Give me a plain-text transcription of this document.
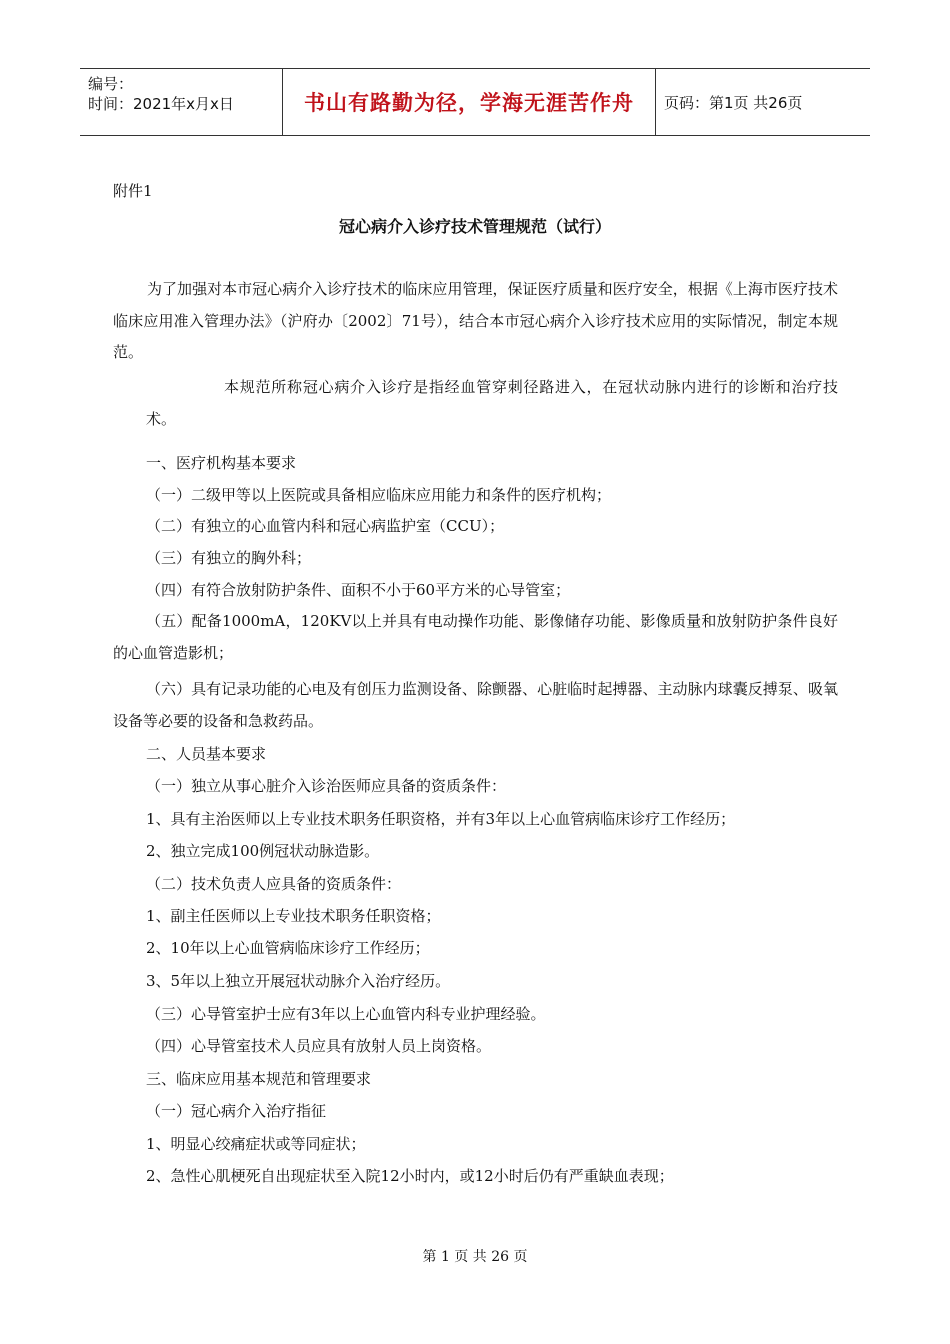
编号：
时间：2021年x月x日	书山有路勤为径，学海无涯苦作舟 页码：第1页 共26页
附件1
冠心病介入诊疗技术管理规范（试行）
为了加强对本市冠心病介入诊疗技术的临床应用管理，保证医疗质量和医疗安全，根据《上海市医疗技术临床应用准入管理办法》（沪府办〔2002〕71号），结合本市冠心病介入诊疗技术应用的实际情况，制定本规范。
本规范所称冠心病介入诊疗是指经血管穿刺径路进入，在冠状动脉内进行的诊断和治疗技术。
一、医疗机构基本要求
（一）二级甲等以上医院或具备相应临床应用能力和条件的医疗机构；
（二）有独立的心血管内科和冠心病监护室（CCU）；
（三）有独立的胸外科；
（四）有符合放射防护条件、面积不小于60平方米的心导管室；
（五）配备1000mA，120KV以上并具有电动操作功能、影像储存功能、影像质量和放射防护条件良好的心血管造影机；
（六）具有记录功能的心电及有创压力监测设备、除颤器、心脏临时起搏器、主动脉内球囊反搏泵、吸氧设备等必要的设备和急救药品。
二、人员基本要求
（一）独立从事心脏介入诊治医师应具备的资质条件：
1、具有主治医师以上专业技术职务任职资格，并有3年以上心血管病临床诊疗工作经历；
2、独立完成100例冠状动脉造影。
（二）技术负责人应具备的资质条件：
1、副主任医师以上专业技术职务任职资格；
2、10年以上心血管病临床诊疗工作经历；
3、5年以上独立开展冠状动脉介入治疗经历。
（三）心导管室护士应有3年以上心血管内科专业护理经验。
（四）心导管室技术人员应具有放射人员上岗资格。
三、临床应用基本规范和管理要求
（一）冠心病介入治疗指征
1、明显心绞痛症状或等同症状；
2、急性心肌梗死自出现症状至入院12小时内，或12小时后仍有严重缺血表现；
第 1 页 共 26 页
